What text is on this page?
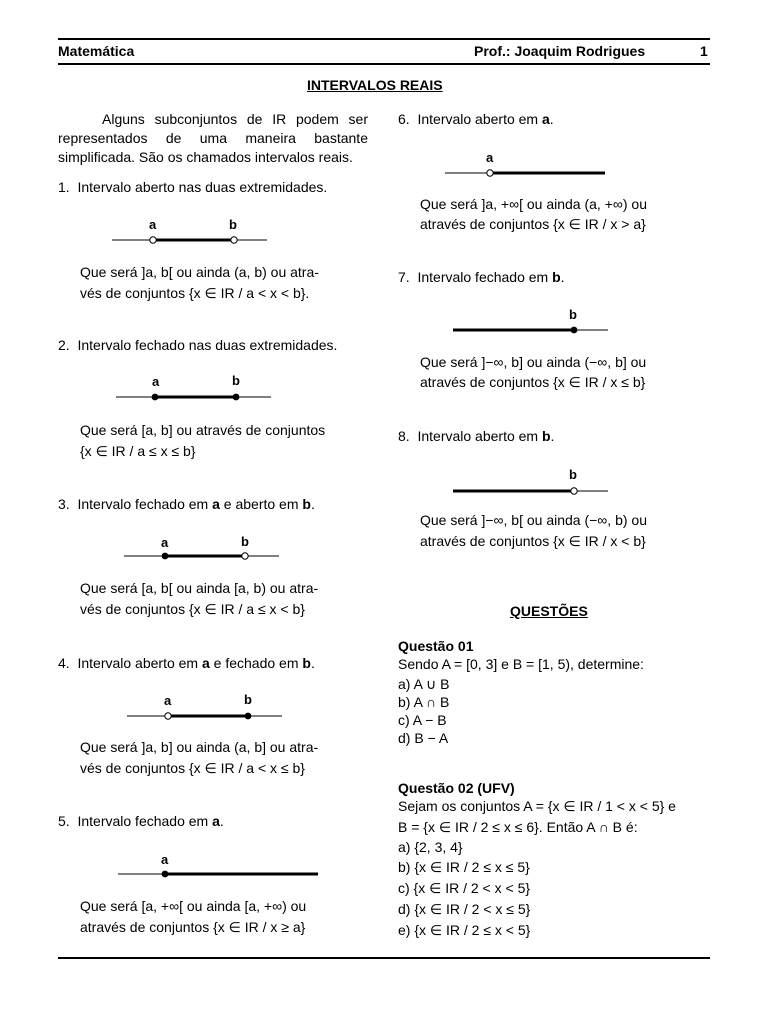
Matemática	Prof.: Joaquim Rodrigues	1
INTERVALOS REAIS
Alguns subconjuntos de IR podem ser representados de uma maneira bastante simplificada. São os chamados intervalos reais.
1. Intervalo aberto nas duas extremidades.
a	b
Que será ]a, b[ ou ainda (a, b) ou atra-
vés de conjuntos {x ∈ IR / a < x < b}.
2. Intervalo fechado nas duas extremidades.
a	b
Que será [a, b] ou através de conjuntos
{x ∈ IR / a ≤ x ≤ b}
3. Intervalo fechado em a e aberto em b.
a	b
Que será [a, b[ ou ainda [a, b) ou atra-
vés de conjuntos {x ∈ IR / a ≤ x < b}
4. Intervalo aberto em a e fechado em b.
a	b
Que será ]a, b] ou ainda (a, b] ou atra-
vés de conjuntos {x ∈ IR / a < x ≤ b}
5. Intervalo fechado em a.
a
Que será [a, +∞[ ou ainda [a, +∞) ou
através de conjuntos {x ∈ IR / x ≥ a}
6. Intervalo aberto em a.
a
Que será ]a, +∞[ ou ainda (a, +∞) ou
através de conjuntos {x ∈ IR / x > a}
7. Intervalo fechado em b.
b
Que será ]−∞, b] ou ainda (−∞, b] ou
através de conjuntos {x ∈ IR / x ≤ b}
8. Intervalo aberto em b.
b
Que será ]−∞, b[ ou ainda (−∞, b) ou
através de conjuntos {x ∈ IR / x < b}
QUESTÕES
Questão 01
Sendo A = [0, 3] e B = [1, 5), determine:
a) A ∪ B
b) A ∩ B
c) A − B
d) B − A
Questão 02 (UFV)
Sejam os conjuntos A = {x ∈ IR / 1 < x < 5} e
B = {x ∈ IR / 2 ≤ x ≤ 6}. Então A ∩ B é:
a) {2, 3, 4}
b) {x ∈ IR / 2 ≤ x ≤ 5}
c) {x ∈ IR / 2 < x < 5}
d) {x ∈ IR / 2 < x ≤ 5}
e) {x ∈ IR / 2 ≤ x < 5}
